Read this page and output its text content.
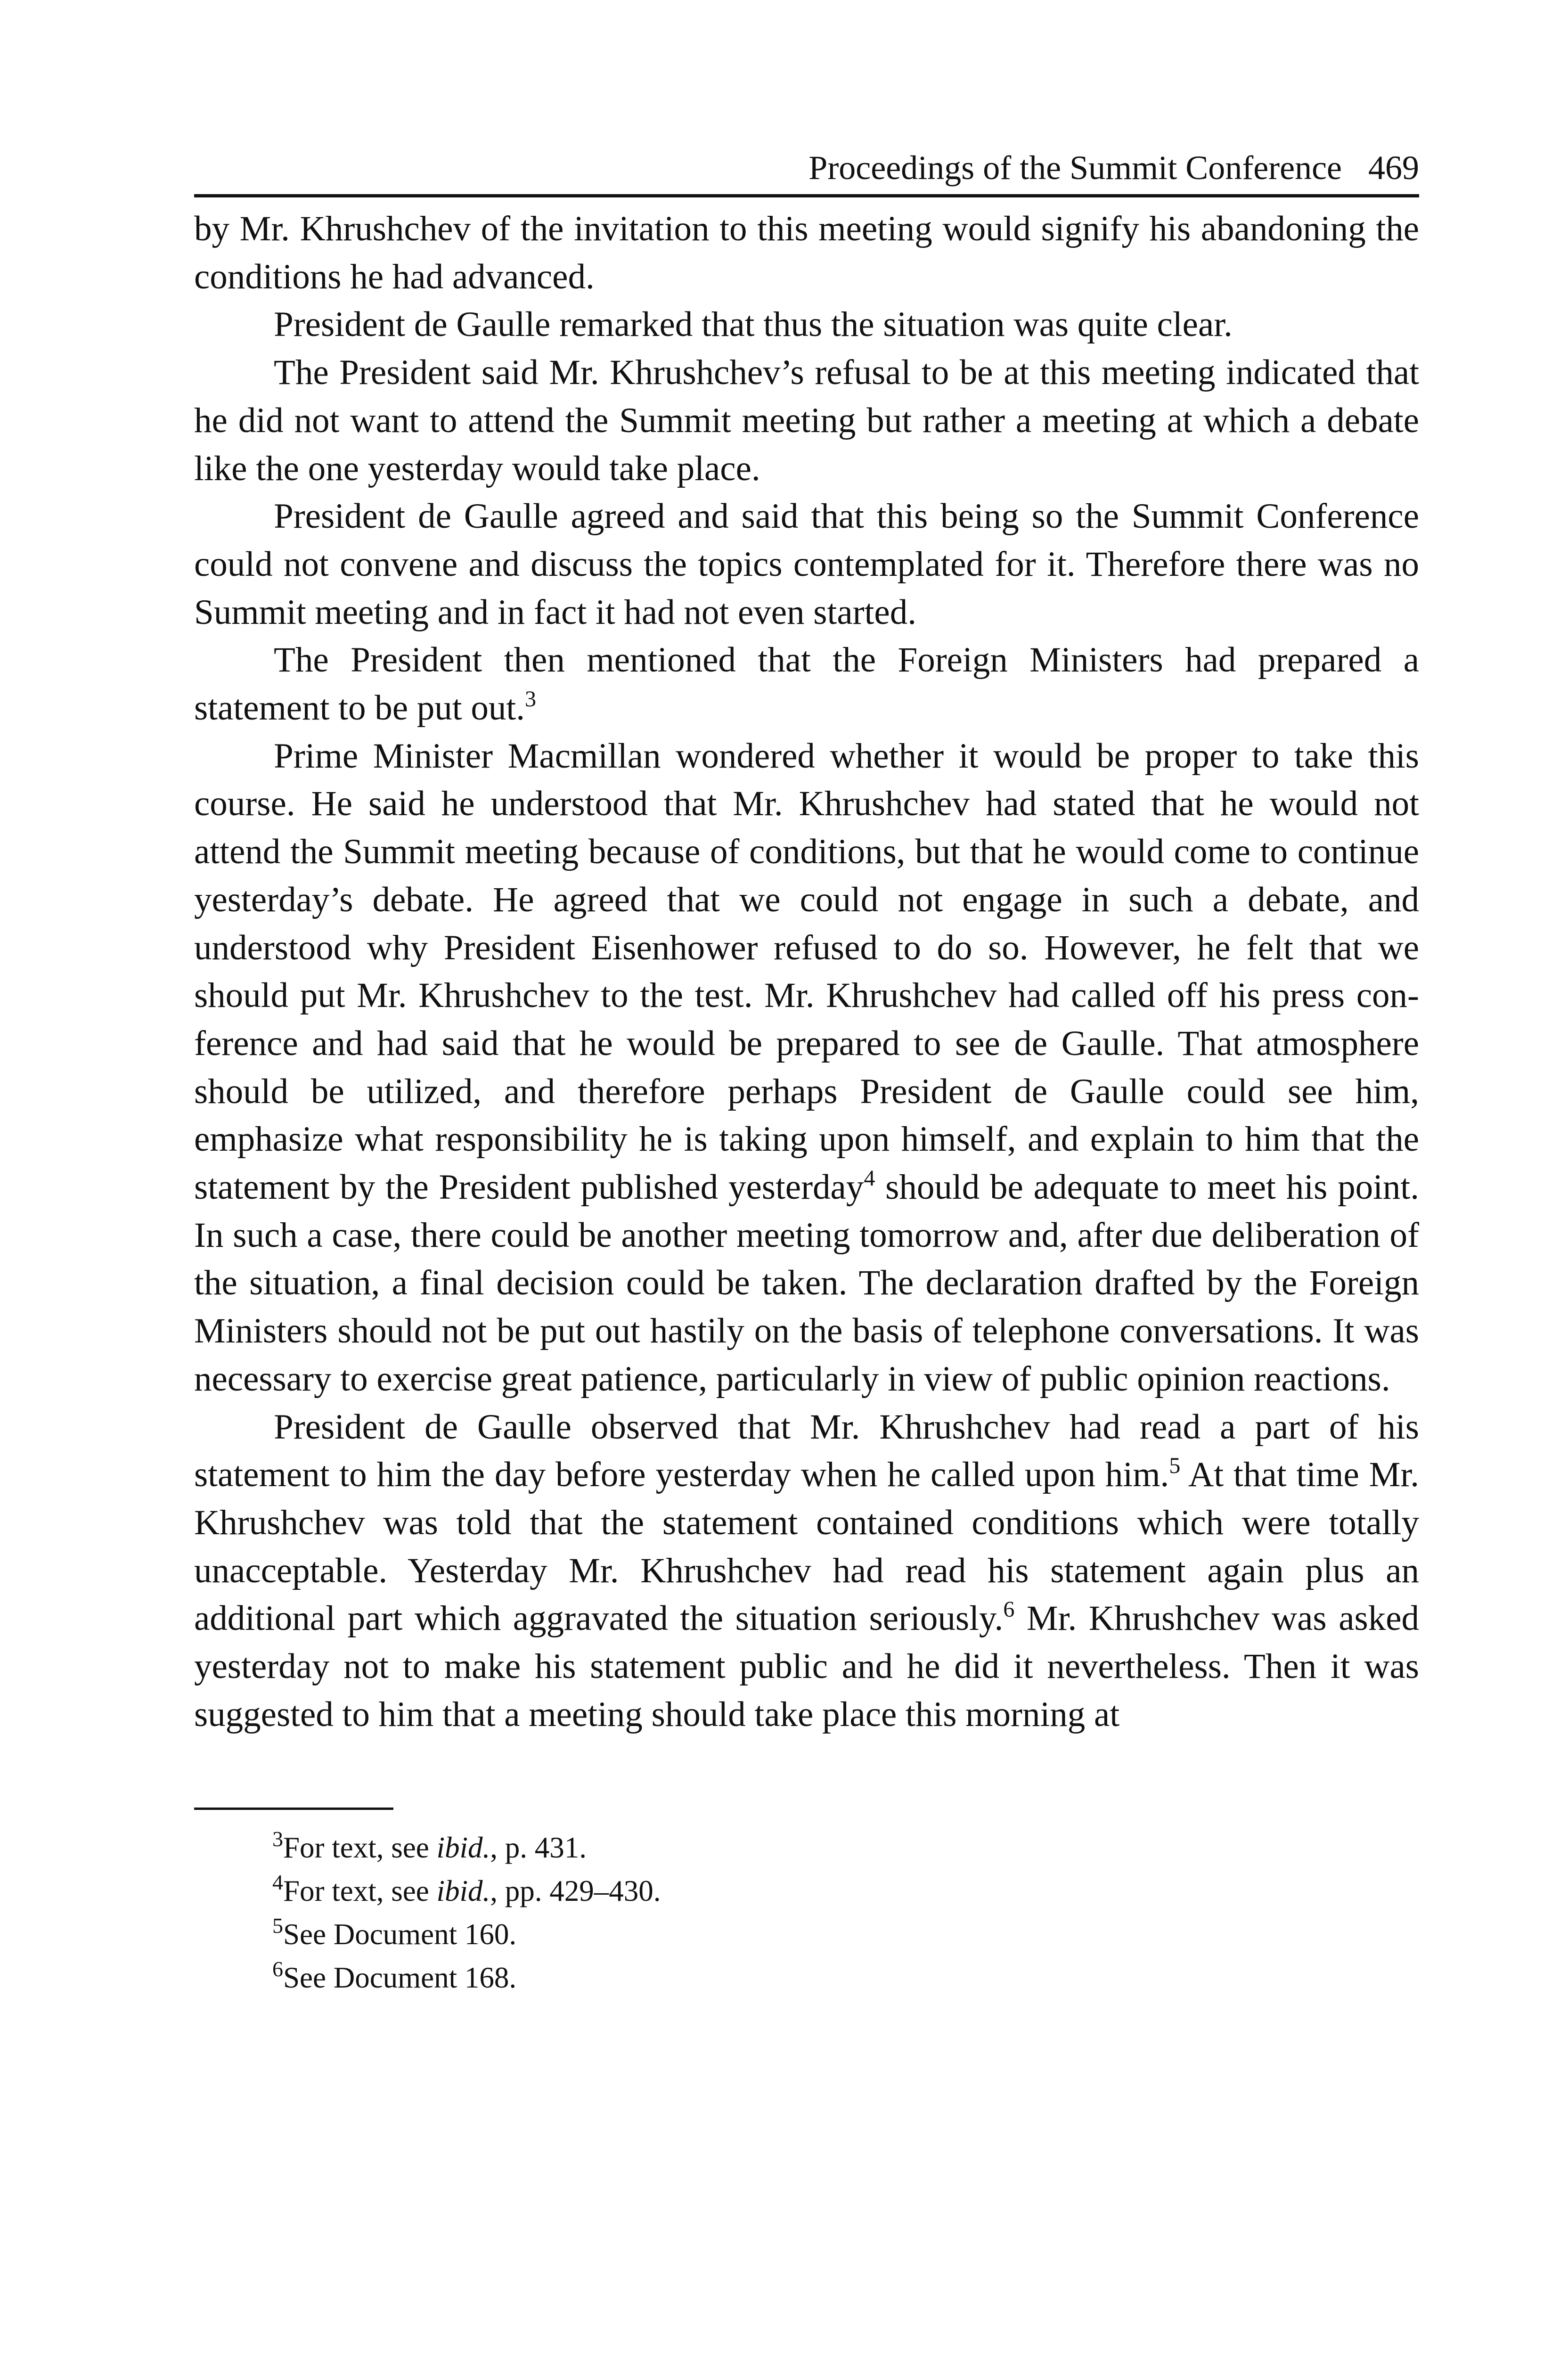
Proceedings of the Summit Conference 469

by Mr. Khrushchev of the invitation to this meeting would signify his abandoning the conditions he had advanced.

President de Gaulle remarked that thus the situation was quite clear.

The President said Mr. Khrushchev’s refusal to be at this meeting indicated that he did not want to attend the Summit meeting but rather a meeting at which a debate like the one yesterday would take place.

President de Gaulle agreed and said that this being so the Summit Conference could not convene and discuss the topics contemplated for it. Therefore there was no Summit meeting and in fact it had not even started.

The President then mentioned that the Foreign Ministers had prepared a statement to be put out.$^3$

Prime Minister Macmillan wondered whether it would be proper to take this course. He said he understood that Mr. Khrushchev had stated that he would not attend the Summit meeting because of conditions, but that he would come to continue yesterday’s debate. He agreed that we could not engage in such a debate, and understood why President Eisenhower refused to do so. However, he felt that we should put Mr. Khrushchev to the test. Mr. Khrushchev had called off his press conference and had said that he would be prepared to see de Gaulle. That atmosphere should be utilized, and therefore perhaps President de Gaulle could see him, emphasize what responsibility he is taking upon himself, and explain to him that the statement by the President published yesterday$^4$ should be adequate to meet his point. In such a case, there could be another meeting tomorrow and, after due deliberation of the situation, a final decision could be taken. The declaration drafted by the Foreign Ministers should not be put out hastily on the basis of telephone conversations. It was necessary to exercise great patience, particularly in view of public opinion reactions.

President de Gaulle observed that Mr. Khrushchev had read a part of his statement to him the day before yesterday when he called upon him.$^5$ At that time Mr. Khrushchev was told that the statement contained conditions which were totally unacceptable. Yesterday Mr. Khrushchev had read his statement again plus an additional part which aggravated the situation seriously.$^6$ Mr. Khrushchev was asked yesterday not to make his statement public and he did it nevertheless. Then it was suggested to him that a meeting should take place this morning at

$^3$For text, see ibid., p. 431.
$^4$For text, see ibid., pp. 429–430.
$^5$See Document 160.
$^6$See Document 168.
